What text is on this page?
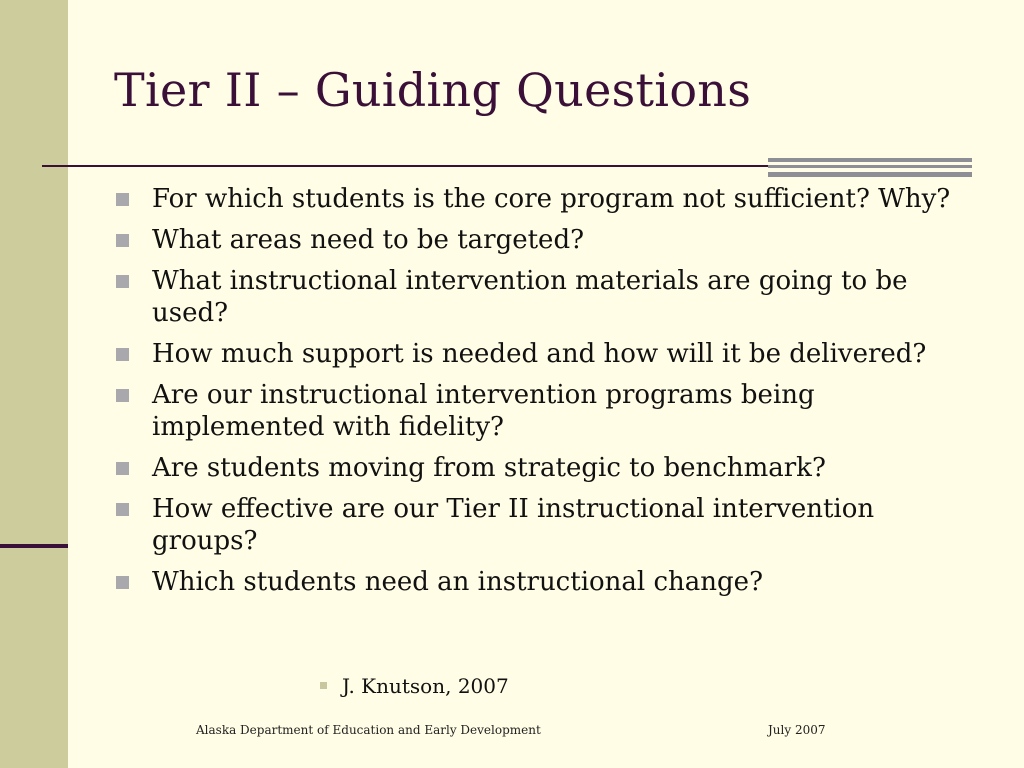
Tier II – Guiding Questions
For which students is the core program not sufficient? Why?
What areas need to be targeted?
What instructional intervention materials are going to be used?
How much support is needed and how will it be delivered?
Are our instructional intervention programs being implemented with fidelity?
Are students moving from strategic to benchmark?
How effective are our Tier II instructional intervention groups?
Which students need an instructional change?
J. Knutson, 2007
Alaska Department of Education and Early Development	July 2007
